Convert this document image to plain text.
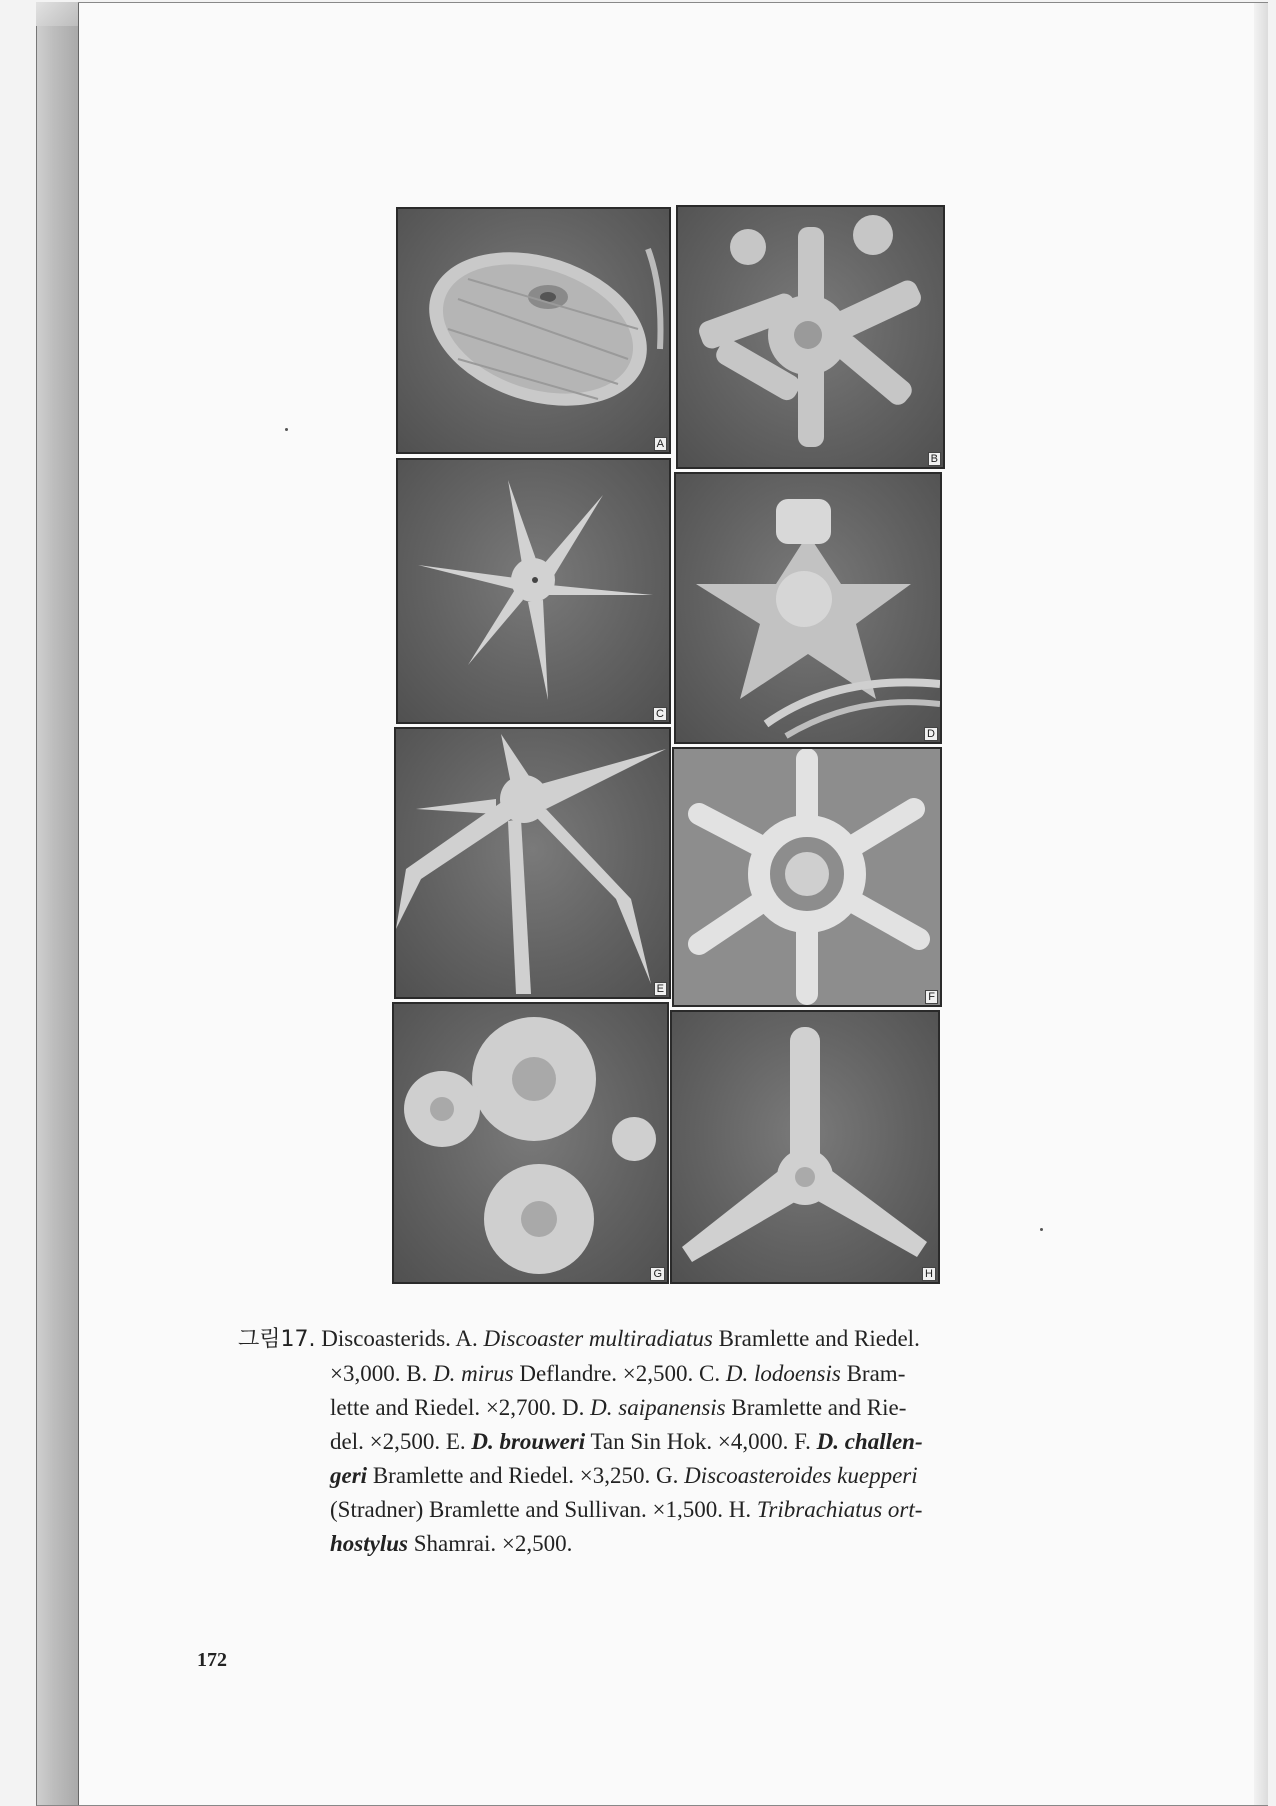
A
B
C
D
E
F
G	H
그림17. Discoasterids. A. Discoaster multiradiatus Bramlette and Riedel.
×3,000. B. D. mirus Deflandre. ×2,500. C. D. lodoensis Bram-
lette and Riedel. ×2,700. D. D. saipanensis Bramlette and Rie-
del. ×2,500. E. D. brouweri Tan Sin Hok. ×4,000. F. D. challen-
geri Bramlette and Riedel. ×3,250. G. Discoasteroides kuepperi
(Stradner) Bramlette and Sullivan. ×1,500. H. Tribrachiatus ort-
hostylus Shamrai. ×2,500.
172
